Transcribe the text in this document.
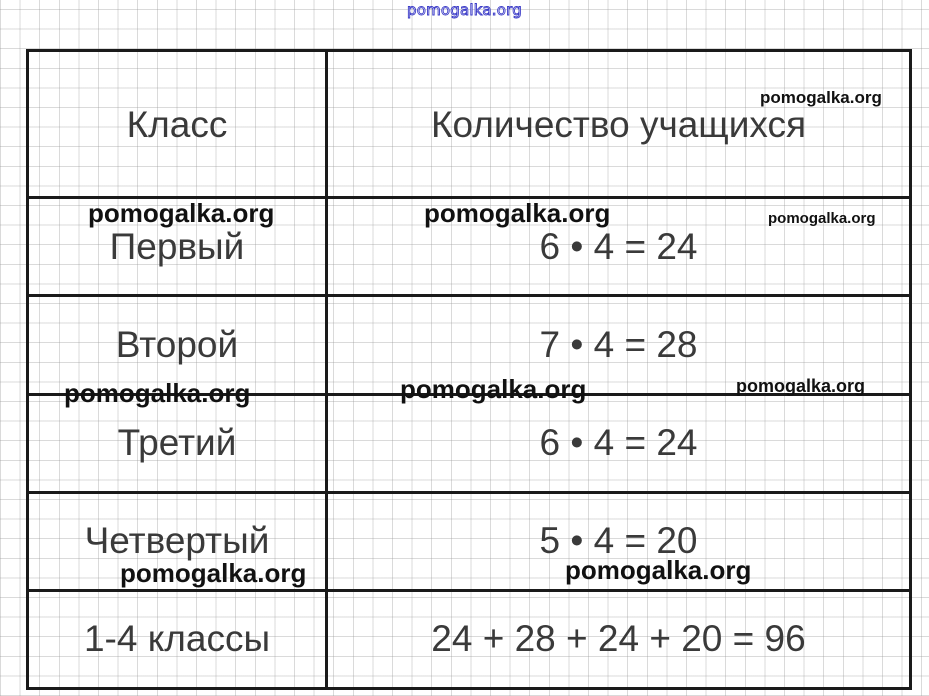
pomogalka.org
Класс	Количество учащихся
Первый	6 • 4 = 24
Второй	7 • 4 = 28
Третий	6 • 4 = 24
Четвертый	5 • 4 = 20
1-4 классы	24 + 28 + 24 + 20 = 96
pomogalka.org
pomogalka.org	pomogalka.org	pomogalka.org
pomogalka.org	pomogalka.org	pomogalka.org
pomogalka.org	pomogalka.org
